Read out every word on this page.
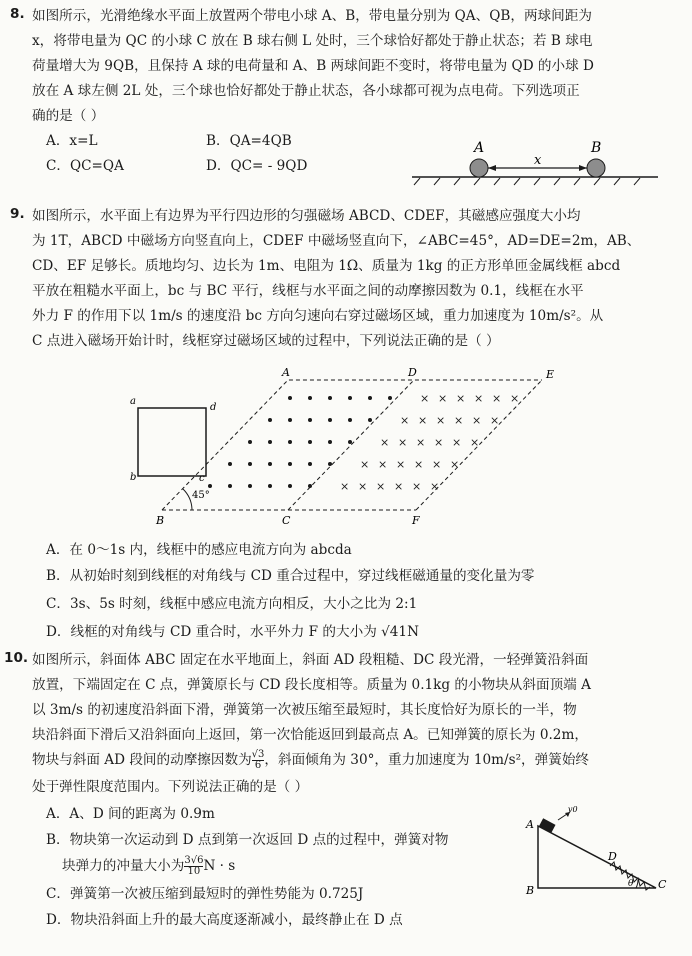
8. 如图所示，光滑绝缘水平面上放置两个带电小球 A、B，带电量分别为 QA、QB，两球间距为
x，将带电量为 QC 的小球 C 放在 B 球右侧 L 处时，三个球恰好都处于静止状态；若 B 球电
荷量增大为 9QB，且保持 A 球的电荷量和 A、B 两球间距不变时，将带电量为 QD 的小球 D
放在 A 球左侧 2L 处，三个球也恰好都处于静止状态，各小球都可视为点电荷。下列选项正
确的是（ ）
A．x=L	B．QA=4QB
C．QC=QA	D．QC= - 9QD
A	B
x
9. 如图所示，水平面上有边界为平行四边形的匀强磁场 ABCD、CDEF，其磁感应强度大小均
为 1T，ABCD 中磁场方向竖直向上，CDEF 中磁场竖直向下，∠ABC=45°，AD=DE=2m，AB、
CD、EF 足够长。质地均匀、边长为 1m、电阻为 1Ω、质量为 1kg 的正方形单匝金属线框 abcd
平放在粗糙水平面上，bc 与 BC 平行，线框与水平面之间的动摩擦因数为 0.1，线框在水平
外力 F 的作用下以 1m/s 的速度沿 bc 方向匀速向右穿过磁场区域，重力加速度为 10m/s²。从
C 点进入磁场开始计时，线框穿过磁场区域的过程中，下列说法正确的是（ ）
a
d
b	c
45°
A	D	E
B	C	F
× × × × × ×
× × × × × ×
× × × × × ×
× × × × × ×
× × × × × ×
A．在 0～1s 内，线框中的感应电流方向为 abcda
B．从初始时刻到线框的对角线与 CD 重合过程中，穿过线框磁通量的变化量为零
C．3s、5s 时刻，线框中感应电流方向相反，大小之比为 2:1
D．线框的对角线与 CD 重合时，水平外力 F 的大小为 √41N
10. 如图所示，斜面体 ABC 固定在水平地面上，斜面 AD 段粗糙、DC 段光滑，一轻弹簧沿斜面
放置，下端固定在 C 点，弹簧原长与 CD 段长度相等。质量为 0.1kg 的小物块从斜面顶端 A
以 3m/s 的初速度沿斜面下滑，弹簧第一次被压缩至最短时，其长度恰好为原长的一半，物
块沿斜面下滑后又沿斜面向上返回，第一次恰能返回到最高点 A。已知弹簧的原长为 0.2m，
物块与斜面 AD 段间的动摩擦因数为 $\frac{√3}{6}$ ，斜面倾角为 30°，重力加速度为 10m/s²，弹簧始终
处于弹性限度范围内。下列说法正确的是（ ）
A．A、D 间的距离为 0.9m
B．物块第一次运动到 D 点到第一次返回 D 点的过程中，弹簧对物
块弹力的冲量大小为 $\frac{3√6}{10}$ N · s
C．弹簧第一次被压缩到最短时的弹性势能为 0.725J
D．物块沿斜面上升的最大高度逐渐减小，最终静止在 D 点
v0
A
B	C
D
θ
